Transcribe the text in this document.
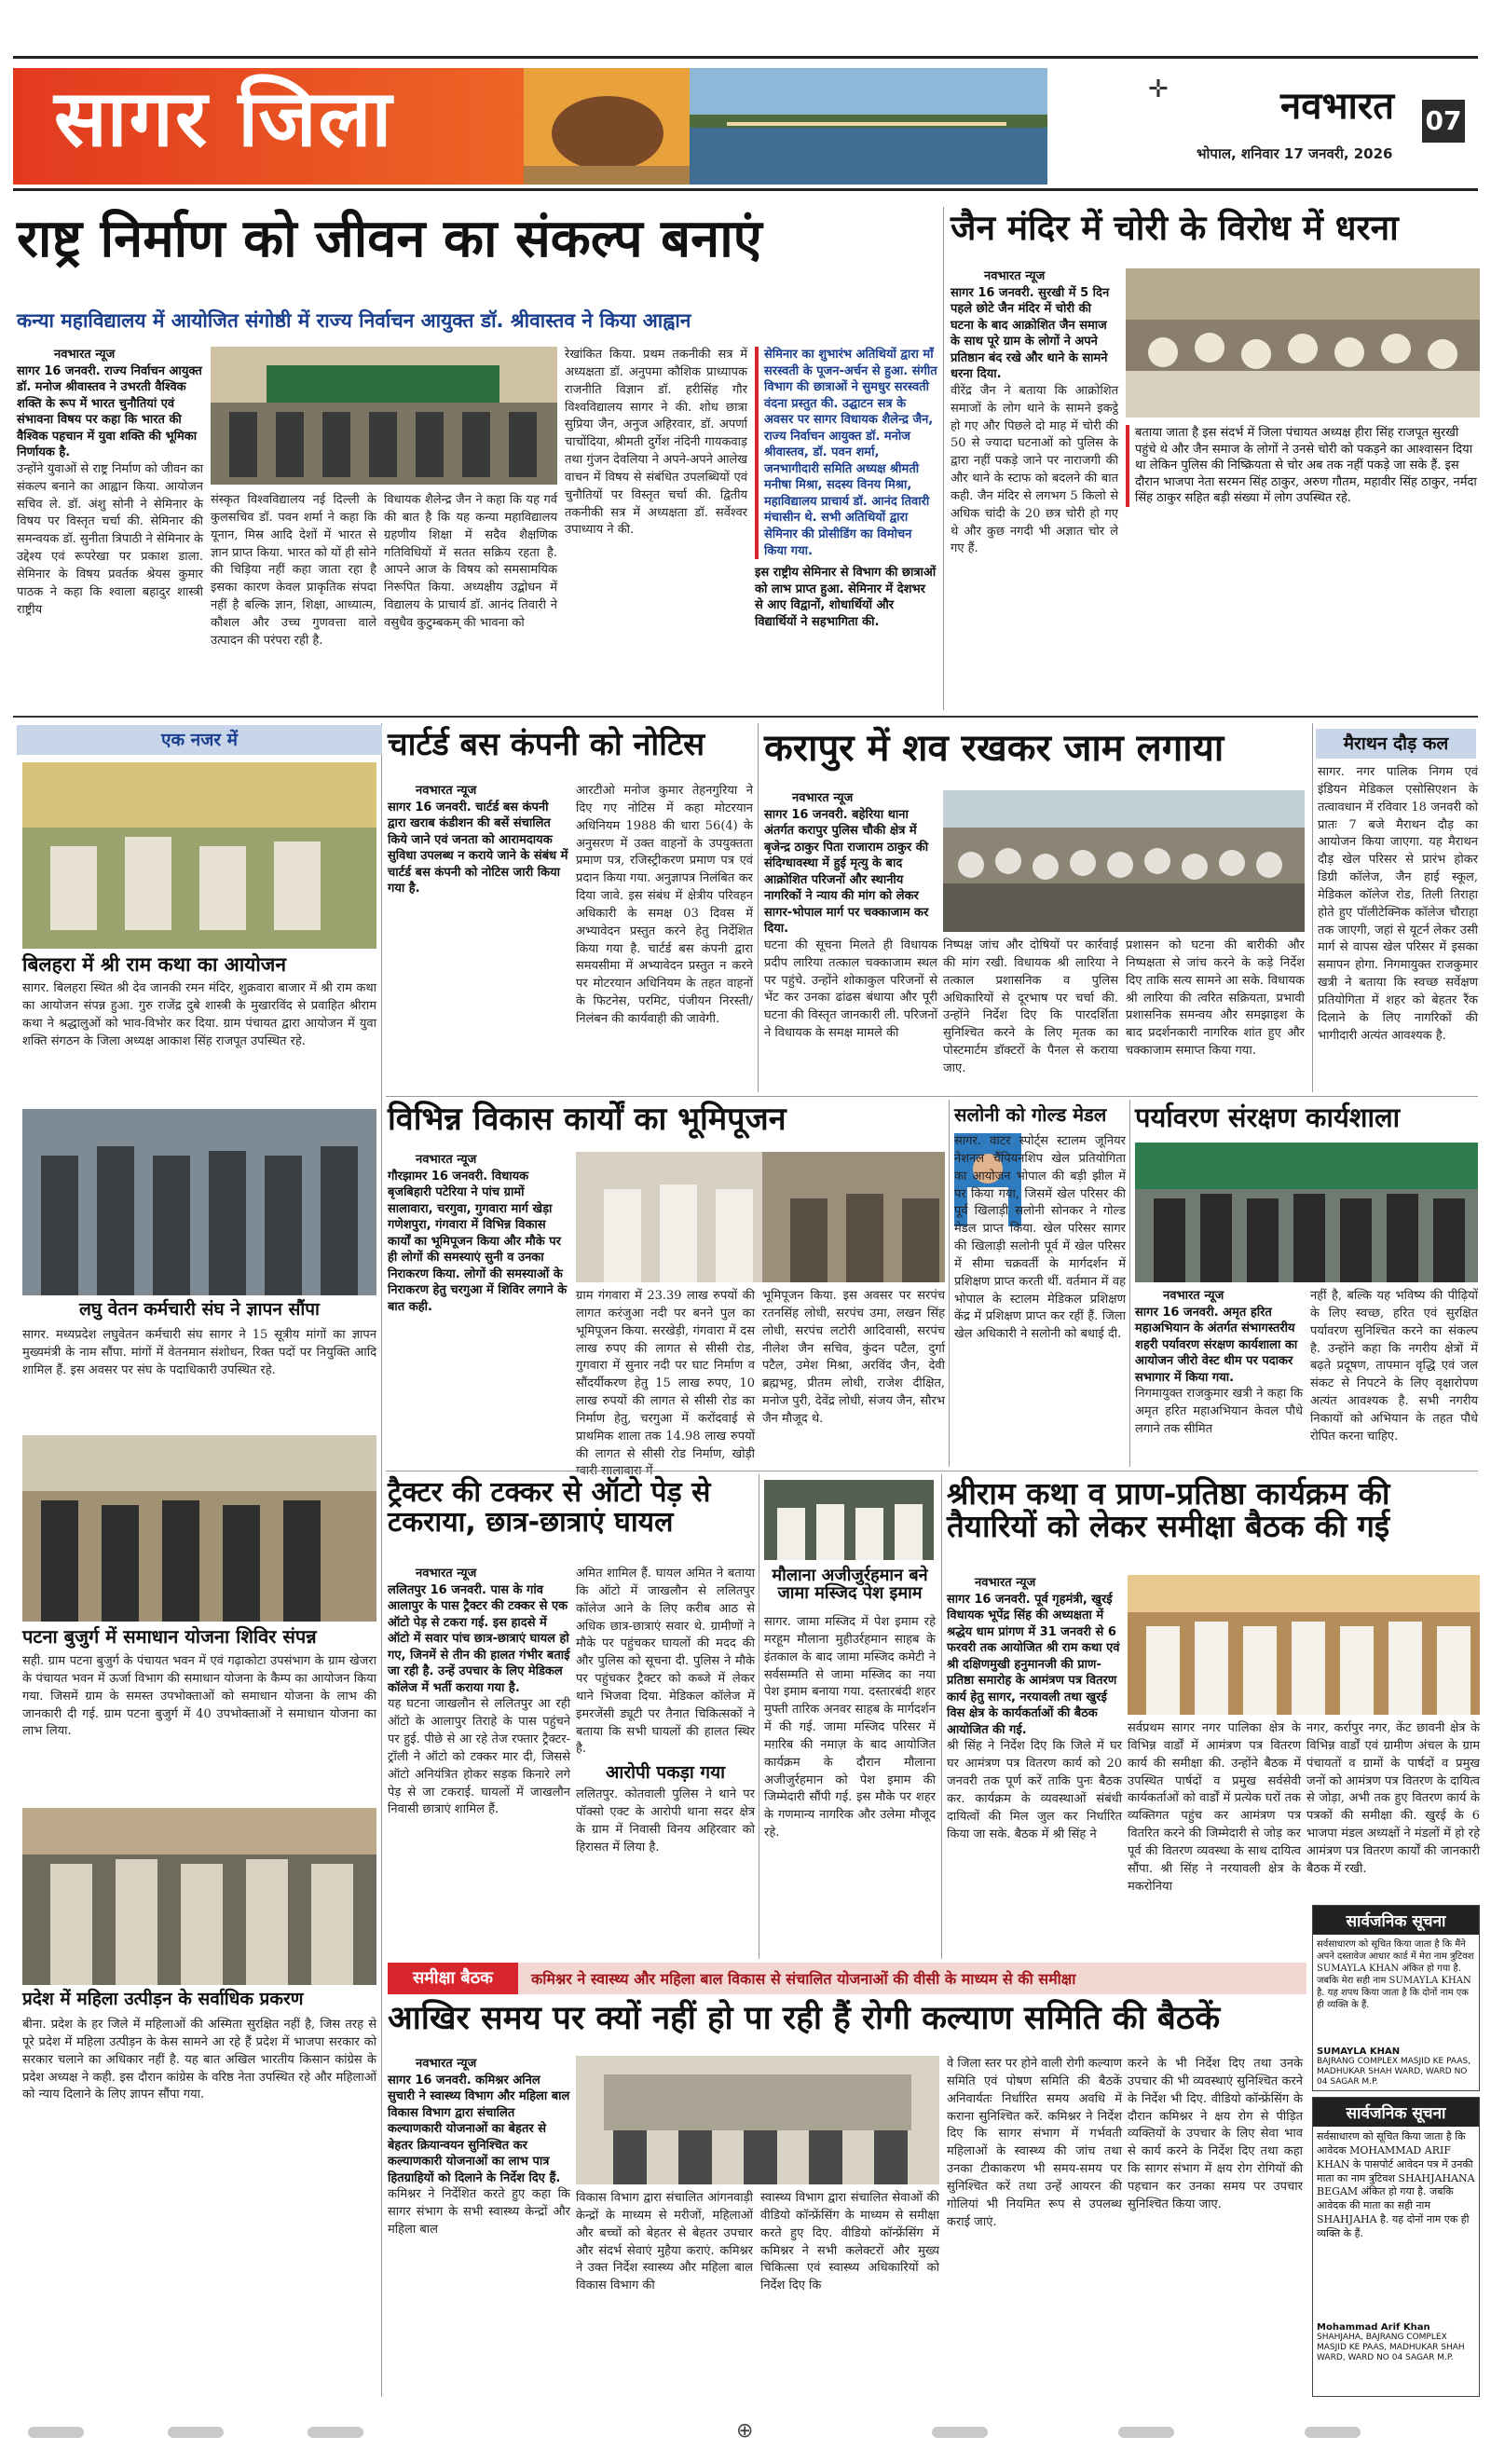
सागर जिला	✛	नवभारत 07
भोपाल, शनिवार 17 जनवरी, 2026
राष्ट्र निर्माण को जीवन का संकल्प बनाएं
कन्या महाविद्यालय में आयोजित संगोष्ठी में राज्य निर्वाचन आयुक्त डॉ. श्रीवास्तव ने किया आह्वान
नवभारत न्यूज
सागर 16 जनवरी. राज्य निर्वाचन आयुक्त डॉ. मनोज श्रीवास्तव ने उभरती वैश्विक शक्ति के रूप में भारत चुनौतियां एवं संभावना विषय पर कहा कि भारत की वैश्विक पहचान में युवा शक्ति की भूमिका निर्णायक है.
उन्होंने युवाओं से राष्ट्र निर्माण को जीवन का संकल्प बनाने का आह्वान किया. आयोजन सचिव ले. डॉ. अंशु सोनी ने सेमिनार के विषय पर विस्तृत चर्चा की. सेमिनार की समन्वयक डॉ. सुनीता त्रिपाठी ने सेमिनार के उद्देश्य एवं रूपरेखा पर प्रकाश डाला. सेमिनार के विषय प्रवर्तक श्रेयस कुमार पाठक ने कहा कि श्वाला बहादुर शास्त्री राष्ट्रीय
संस्कृत विश्वविद्यालय नई दिल्ली के कुलसचिव डॉ. पवन शर्मा ने कहा कि यूनान, मिस्र आदि देशों में भारत से ज्ञान प्राप्त किया. भारत को यों ही सोने की चिड़िया नहीं कहा जाता रहा है इसका कारण केवल प्राकृतिक संपदा नहीं है बल्कि ज्ञान, शिक्षा, आध्यात्म, कौशल और उच्च गुणवत्ता वाले उत्पादन की परंपरा रही है.
विधायक शैलेन्द्र जैन ने कहा कि यह गर्व की बात है कि यह कन्या महाविद्यालय ग्रहणीय शिक्षा में सदैव शैक्षणिक गतिविधियों में सतत सक्रिय रहता है. आपने आज के विषय को समसामयिक निरूपित किया. अध्यक्षीय उद्बोधन में विद्यालय के प्राचार्य डॉ. आनंद तिवारी ने वसुधैव कुटुम्बकम् की भावना को
रेखांकित किया. प्रथम तकनीकी सत्र में अध्यक्षता डॉ. अनुपमा कौशिक प्राध्यापक राजनीति विज्ञान डॉ. हरीसिंह गौर विश्वविद्यालय सागर ने की. शोध छात्रा सुप्रिया जैन, अनुज अहिरवार, डॉ. अपर्णा चाचोंदिया, श्रीमती दुर्गेश नंदिनी गायकवाड़ तथा गुंजन देवलिया ने अपने-अपने आलेख वाचन में विषय से संबंधित उपलब्धियों एवं चुनौतियों पर विस्तृत चर्चा की. द्वितीय तकनीकी सत्र में अध्यक्षता डॉ. सर्वेश्वर उपाध्याय ने की.
सेमिनार का शुभारंभ अतिथियों द्वारा माँ सरस्वती के पूजन-अर्चन से हुआ. संगीत विभाग की छात्राओं ने सुमधुर सरस्वती वंदना प्रस्तुत की. उद्घाटन सत्र के अवसर पर सागर विधायक शैलेन्द्र जैन, राज्य निर्वाचन आयुक्त डॉ. मनोज श्रीवास्तव, डॉ. पवन शर्मा, जनभागीदारी समिति अध्यक्ष श्रीमती मनीषा मिश्रा, सदस्य विनय मिश्रा, महाविद्यालय प्राचार्य डॉ. आनंद तिवारी मंचासीन थे. सभी अतिथियों द्वारा सेमिनार की प्रोसीडिंग का विमोचन किया गया.
इस राष्ट्रीय सेमिनार से विभाग की छात्राओं को लाभ प्राप्त हुआ. सेमिनार में देशभर से आए विद्वानों, शोधार्थियों और विद्यार्थियों ने सहभागिता की.
जैन मंदिर में चोरी के विरोध में धरना
नवभारत न्यूज
सागर 16 जनवरी. सुरखी में 5 दिन पहले छोटे जैन मंदिर में चोरी की घटना के बाद आक्रोशित जैन समाज के साथ पूरे ग्राम के लोगों ने अपने प्रतिष्ठान बंद रखे और थाने के सामने धरना दिया.
वीरेंद्र जैन ने बताया कि आक्रोशित समाजों के लोग थाने के सामने इकट्ठे हो गए और पिछले दो माह में चोरी की 50 से ज्यादा घटनाओं को पुलिस के द्वारा नहीं पकड़े जाने पर नाराजगी की और थाने के स्टाफ को बदलने की बात कही. जैन मंदिर से लगभग 5 किलो से अधिक चांदी के 20 छत्र चोरी हो गए थे और कुछ नगदी भी अज्ञात चोर ले गए हैं.
बताया जाता है इस संदर्भ में जिला पंचायत अध्यक्ष हीरा सिंह राजपूत सुरखी पहुंचे थे और जैन समाज के लोगों ने उनसे चोरी को पकड़ने का आश्वासन दिया था लेकिन पुलिस की निष्क्रियता से चोर अब तक नहीं पकड़े जा सके हैं. इस दौरान भाजपा नेता सरमन सिंह ठाकुर, अरुण गौतम, महावीर सिंह ठाकुर, नर्मदा सिंह ठाकुर सहित बड़ी संख्या में लोग उपस्थित रहे.
एक नजर में
बिलहरा में श्री राम कथा का आयोजन
सागर. बिलहरा स्थित श्री देव जानकी रमन मंदिर, शुक्रवारा बाजार में श्री राम कथा का आयोजन संपन्न हुआ. गुरु राजेंद्र दुबे शास्त्री के मुखारविंद से प्रवाहित श्रीराम कथा ने श्रद्धालुओं को भाव-विभोर कर दिया. ग्राम पंचायत द्वारा आयोजन में युवा शक्ति संगठन के जिला अध्यक्ष आकाश सिंह राजपूत उपस्थित रहे.
लघु वेतन कर्मचारी संघ ने ज्ञापन सौंपा
सागर. मध्यप्रदेश लघुवेतन कर्मचारी संघ सागर ने 15 सूत्रीय मांगों का ज्ञापन मुख्यमंत्री के नाम सौंपा. मांगों में वेतनमान संशोधन, रिक्त पदों पर नियुक्ति आदि शामिल हैं. इस अवसर पर संघ के पदाधिकारी उपस्थित रहे.
पटना बुजुर्ग में समाधान योजना शिविर संपन्न
सही. ग्राम पटना बुजुर्ग के पंचायत भवन में एवं गढ़ाकोटा उपसंभाग के ग्राम खेजरा के पंचायत भवन में ऊर्जा विभाग की समाधान योजना के कैम्प का आयोजन किया गया. जिसमें ग्राम के समस्त उपभोक्ताओं को समाधान योजना के लाभ की जानकारी दी गई. ग्राम पटना बुजुर्ग में 40 उपभोक्ताओं ने समाधान योजना का लाभ लिया.
प्रदेश में महिला उत्पीड़न के सर्वाधिक प्रकरण
बीना. प्रदेश के हर जिले में महिलाओं की अस्मिता सुरक्षित नहीं है, जिस तरह से पूरे प्रदेश में महिला उत्पीड़न के केस सामने आ रहे हैं प्रदेश में भाजपा सरकार को सरकार चलाने का अधिकार नहीं है. यह बात अखिल भारतीय किसान कांग्रेस के प्रदेश अध्यक्ष ने कही. इस दौरान कांग्रेस के वरिष्ठ नेता उपस्थित रहे और महिलाओं को न्याय दिलाने के लिए ज्ञापन सौंपा गया.
चार्टर्ड बस कंपनी को नोटिस
नवभारत न्यूज
सागर 16 जनवरी. चार्टर्ड बस कंपनी द्वारा खराब कंडीशन की बसें संचालित किये जाने एवं जनता को आरामदायक सुविधा उपलब्ध न कराये जाने के संबंध में चार्टर्ड बस कंपनी को नोटिस जारी किया गया है.
आरटीओ मनोज कुमार तेहनगुरिया ने दिए गए नोटिस में कहा मोटरयान अधिनियम 1988 की धारा 56(4) के अनुसरण में उक्त वाहनों के उपयुक्तता प्रमाण पत्र, रजिस्ट्रीकरण प्रमाण पत्र एवं प्रदान किया गया. अनुज्ञापत्र निलंबित कर दिया जावे. इस संबंध में क्षेत्रीय परिवहन अधिकारी के समक्ष 03 दिवस में अभ्यावेदन प्रस्तुत करने हेतु निर्देशित किया गया है. चार्टर्ड बस कंपनी द्वारा समयसीमा में अभ्यावेदन प्रस्तुत न करने पर मोटरयान अधिनियम के तहत वाहनों के फिटनेस, परमिट, पंजीयन निरस्ती/निलंबन की कार्यवाही की जावेगी.
करापुर में शव रखकर जाम लगाया
नवभारत न्यूज
सागर 16 जनवरी. बहेरिया थाना अंतर्गत करापुर पुलिस चौकी क्षेत्र में बृजेन्द्र ठाकुर पिता राजाराम ठाकुर की संदिग्धावस्था में हुई मृत्यु के बाद आक्रोशित परिजनों और स्थानीय नागरिकों ने न्याय की मांग को लेकर सागर-भोपाल मार्ग पर चक्काजाम कर दिया.
घटना की सूचना मिलते ही विधायक प्रदीप लारिया तत्काल चक्काजाम स्थल पर पहुंचे. उन्होंने शोकाकुल परिजनों से भेंट कर उनका ढांढस बंधाया और पूरी घटना की विस्तृत जानकारी ली. परिजनों ने विधायक के समक्ष मामले की
निष्पक्ष जांच और दोषियों पर कार्रवाई की मांग रखी. विधायक श्री लारिया ने तत्काल प्रशासनिक व पुलिस अधिकारियों से दूरभाष पर चर्चा की. उन्होंने निर्देश दिए कि पारदर्शिता सुनिश्चित करने के लिए मृतक का पोस्टमार्टम डॉक्टरों के पैनल से कराया जाए.
प्रशासन को घटना की बारीकी और निष्पक्षता से जांच करने के कड़े निर्देश दिए ताकि सत्य सामने आ सके. विधायक श्री लारिया की त्वरित सक्रियता, प्रभावी प्रशासनिक समन्वय और समझाइश के बाद प्रदर्शनकारी नागरिक शांत हुए और चक्काजाम समाप्त किया गया.
मैराथन दौड़ कल
सागर. नगर पालिक निगम एवं इंडियन मेडिकल एसोसिएशन के तत्वावधान में रविवार 18 जनवरी को प्रातः 7 बजे मैराथन दौड़ का आयोजन किया जाएगा. यह मैराथन दौड़ खेल परिसर से प्रारंभ होकर डिग्री कॉलेज, जैन हाई स्कूल, मेडिकल कॉलेज रोड, तिली तिराहा होते हुए पॉलीटेक्निक कॉलेज चौराहा तक जाएगी, जहां से यूटर्न लेकर उसी मार्ग से वापस खेल परिसर में इसका समापन होगा. निगमायुक्त राजकुमार खत्री ने बताया कि स्वच्छ सर्वेक्षण प्रतियोगिता में शहर को बेहतर रैंक दिलाने के लिए नागरिकों की भागीदारी अत्यंत आवश्यक है.
विभिन्न विकास कार्यों का भूमिपूजन
नवभारत न्यूज
गौरझामर 16 जनवरी. विधायक बृजबिहारी पटेरिया ने पांच ग्रामों सालावारा, चरगुवा, गुगवारा मार्ग खेड़ा गणेशपुरा, गंगवारा में विभिन्न विकास कार्यों का भूमिपूजन किया और मौके पर ही लोगों की समस्याएं सुनी व उनका निराकरण किया. लोगों की समस्याओं के निराकरण हेतु चरगुआ में शिविर लगाने के बात कही.
ग्राम गंगवारा में 23.39 लाख रुपयों की लागत करंजुआ नदी पर बनने पुल का भूमिपूजन किया. सरखेड़ी, गंगवारा में दस लाख रुपए की लागत से सीसी रोड, गुगवारा में सुनार नदी पर घाट निर्माण व सौंदर्यीकरण हेतु 15 लाख रुपए, 10 लाख रुपयों की लागत से सीसी रोड का निर्माण हेतु, चरगुआ में करोंदवाई से प्राथमिक शाला तक 14.98 लाख रुपयों की लागत से सीसी रोड निर्माण, खोड़ी
भूमिपूजन किया. इस अवसर पर सरपंच रतनसिंह लोधी, सरपंच उमा, लखन सिंह लोधी, सरपंच लटोरी आदिवासी, सरपंच नीलेश जैन सचिव, कुंदन पटैल, दुर्गा पटैल, उमेश मिश्रा, अरविंद जैन, देवी ब्रह्मभट्ट, प्रीतम लोधी, राजेश दीक्षित, मनोज पुरी, देवेंद्र लोधी, संजय जैन, सौरभ जैन मौजूद थे.
सलोनी को गोल्ड मेडल
सागर. वाटर स्पोर्ट्स स्टालम जूनियर नेशनल चैंपियनशिप खेल प्रतियोगिता का आयोजन भोपाल की बड़ी झील में पर किया गया, जिसमें खेल परिसर की पूर्व खिलाड़ी सलोनी सोनकर ने गोल्ड मेडल प्राप्त किया. खेल परिसर सागर की खिलाड़ी सलोनी पूर्व में खेल परिसर में सीमा चक्रवर्ती के मार्गदर्शन में प्रशिक्षण प्राप्त करती थीं. वर्तमान में वह भोपाल के स्टालम मेडिकल प्रशिक्षण केंद्र में प्रशिक्षण प्राप्त कर रहीं हैं. जिला खेल अधिकारी ने सलोनी को बधाई दी.
पर्यावरण संरक्षण कार्यशाला
नवभारत न्यूज
सागर 16 जनवरी. अमृत हरित महाअभियान के अंतर्गत संभागस्तरीय शहरी पर्यावरण संरक्षण कार्यशाला का आयोजन जीरो वेस्ट थीम पर पदाकर सभागार में किया गया.
निगमायुक्त राजकुमार खत्री ने कहा कि अमृत हरित महाअभियान केवल पौधे लगाने तक सीमित
नहीं है, बल्कि यह भविष्य की पीढ़ियों के लिए स्वच्छ, हरित एवं सुरक्षित पर्यावरण सुनिश्चित करने का संकल्प है. उन्होंने कहा कि नगरीय क्षेत्रों में बढ़ते प्रदूषण, तापमान वृद्धि एवं जल संकट से निपटने के लिए वृक्षारोपण अत्यंत आवश्यक है. सभी नगरीय निकायों को अभियान के तहत पौधे रोपित करना चाहिए.
ट्रैक्टर की टक्कर से ऑटो पेड़ से टकराया, छात्र-छात्राएं घायल
नवभारत न्यूज
ललितपुर 16 जनवरी. पास के गांव आलापुर के पास ट्रैक्टर की टक्कर से एक ऑटो पेड़ से टकरा गई. इस हादसे में ऑटो में सवार पांच छात्र-छात्राएं घायल हो गए, जिनमें से तीन की हालत गंभीर बताई जा रही है. उन्हें उपचार के लिए मेडिकल कॉलेज में भर्ती कराया गया है.
यह घटना जाखलौन से ललितपुर आ रही ऑटो के आलापुर तिराहे के पास पहुंचने पर हुई. पीछे से आ रहे तेज रफ्तार ट्रैक्टर-ट्रॉली ने ऑटो को टक्कर मार दी, जिससे ऑटो अनियंत्रित होकर सड़क किनारे लगे पेड़ से जा टकराई. घायलों में जाखलौन निवासी छात्राएं शामिल हैं.
अमित शामिल हैं. घायल अमित ने बताया कि ऑटो में जाखलौन से ललितपुर कॉलेज आने के लिए करीब आठ से अधिक छात्र-छात्राएं सवार थे. ग्रामीणों ने मौके पर पहुंचकर घायलों की मदद की और पुलिस को सूचना दी. पुलिस ने मौके पर पहुंचकर ट्रैक्टर को कब्जे में लेकर थाने भिजवा दिया. मेडिकल कॉलेज में इमरजेंसी ड्यूटी पर तैनात चिकित्सकों ने बताया कि सभी घायलों की हालत स्थिर है.
आरोपी पकड़ा गया
ललितपुर. कोतवाली पुलिस ने थाने पर पॉक्सो एक्ट के आरोपी थाना सदर क्षेत्र के ग्राम में निवासी विनय अहिरवार को हिरासत में लिया है.
मौलाना अजीजुर्रहमान बने जामा मस्जिद पेश इमाम
सागर. जामा मस्जिद में पेश इमाम रहे मरहूम मौलाना मुहीउर्रहमान साहब के इंतकाल के बाद जामा मस्जिद कमेटी ने सर्वसम्मति से जामा मस्जिद का नया पेश इमाम बनाया गया. दस्तारबंदी शहर मुफ्ती तारिक अनवर साहब के मार्गदर्शन में की गई. जामा मस्जिद परिसर में मग़रिब की नमाज़ के बाद आयोजित कार्यक्रम के दौरान मौलाना अजीजुर्रहमान को पेश इमाम की जिम्मेदारी सौंपी गई. इस मौके पर शहर के गणमान्य नागरिक और उलेमा मौजूद रहे.
श्रीराम कथा व प्राण-प्रतिष्ठा कार्यक्रम की तैयारियों को लेकर समीक्षा बैठक की गई
नवभारत न्यूज
सागर 16 जनवरी. पूर्व गृहमंत्री, खुरई विधायक भूपेंद्र सिंह की अध्यक्षता में श्रद्धेय धाम प्रांगण में 31 जनवरी से 6 फरवरी तक आयोजित श्री राम कथा एवं श्री दक्षिणमुखी हनुमानजी की प्राण-प्रतिष्ठा समारोह के आमंत्रण पत्र वितरण कार्य हेतु सागर, नरयावली तथा खुरई विस क्षेत्र के कार्यकर्ताओं की बैठक आयोजित की गई.
श्री सिंह ने निर्देश दिए कि जिले में घर घर आमंत्रण पत्र वितरण कार्य को 20 जनवरी तक पूर्ण करें ताकि पुनः बैठक कर. कार्यक्रम के व्यवस्थाओं संबंधी दायित्वों की मिल जुल कर निर्धारित किया जा सके. बैठक में श्री सिंह ने
सर्वप्रथम सागर नगर पालिका क्षेत्र के विभिन्न वार्डों में आमंत्रण पत्र वितरण कार्य की समीक्षा की. उन्होंने बैठक में उपस्थित पार्षदों व प्रमुख सर्वसेवी कार्यकर्ताओं को वार्डों में प्रत्येक घरों तक व्यक्तिगत पहुंच कर आमंत्रण पत्र वितरित करने की जिम्मेदारी से जोड़ कर पूर्व की वितरण व्यवस्था के साथ दायित्व सौंपा. श्री सिंह ने नरयावली क्षेत्र के मकरोनिया
नगर, कर्रापुर नगर, केंट छावनी क्षेत्र के विभिन्न वार्डों एवं ग्रामीण अंचल के ग्राम पंचायतों व ग्रामों के पार्षदों व प्रमुख जनों को आमंत्रण पत्र वितरण के दायित्व से जोड़ा, अभी तक हुए वितरण कार्य के पत्रकों की समीक्षा की. खुरई के 6 भाजपा मंडल अध्यक्षों ने मंडलों में हो रहे आमंत्रण पत्र वितरण कार्यों की जानकारी बैठक में रखी.
समीक्षा बैठक	कमिश्नर ने स्वास्थ्य और महिला बाल विकास से संचालित योजनाओं की वीसी के माध्यम से की समीक्षा
आखिर समय पर क्यों नहीं हो पा रही हैं रोगी कल्याण समिति की बैठकें
नवभारत न्यूज
सागर 16 जनवरी. कमिश्नर अनिल सुचारी ने स्वास्थ्य विभाग और महिला बाल विकास विभाग द्वारा संचालित कल्याणकारी योजनाओं का बेहतर से बेहतर क्रियान्वयन सुनिश्चित कर कल्याणकारी योजनाओं का लाभ पात्र हितग्राहियों को दिलाने के निर्देश दिए हैं.
कमिश्नर ने निर्देशित करते हुए कहा कि सागर संभाग के सभी स्वास्थ्य केन्द्रों और महिला बाल
विकास विभाग द्वारा संचालित आंगनवाड़ी केन्द्रों के माध्यम से मरीजों, महिलाओं और बच्चों को बेहतर से बेहतर उपचार और संदर्भ सेवाएं मुहैया कराएं. कमिश्नर ने उक्त निर्देश स्वास्थ्य और महिला बाल विकास विभाग की
स्वास्थ्य विभाग द्वारा संचालित सेवाओं की वीडियो कॉन्फ्रेंसिंग के माध्यम से समीक्षा करते हुए दिए. वीडियो कॉन्फ्रेंसिंग में कमिश्नर ने सभी कलेक्टरों और मुख्य चिकित्सा एवं स्वास्थ्य अधिकारियों को निर्देश दिए कि
वे जिला स्तर पर होने वाली रोगी कल्याण समिति एवं पोषण समिति की बैठकें अनिवार्यतः निर्धारित समय अवधि में कराना सुनिश्चित करें. कमिश्नर ने निर्देश दिए कि सागर संभाग में गर्भवती महिलाओं के स्वास्थ्य की जांच तथा उनका टीकाकरण भी समय-समय पर सुनिश्चित करें तथा उन्हें आयरन की गोलियां भी नियमित रूप से उपलब्ध कराई जाएं.
करने के भी निर्देश दिए तथा उनके उपचार की भी व्यवस्थाएं सुनिश्चित करने के निर्देश भी दिए. वीडियो कॉन्फ्रेंसिंग के दौरान कमिश्नर ने क्षय रोग से पीड़ित व्यक्तियों के उपचार के लिए सेवा भाव से कार्य करने के निर्देश दिए तथा कहा कि सागर संभाग में क्षय रोग रोगियों की पहचान कर उनका समय पर उपचार सुनिश्चित किया जाए.
सार्वजनिक सूचना
सर्वसाधारण को सूचित किया जाता है कि मैंने अपने दस्तावेज आधार कार्ड में मेरा नाम त्रुटिवश SUMAYLA KHAN अंकित हो गया है. जबकि मेरा सही नाम SUMAYLA KHAN है. यह शपथ किया जाता है कि दोनों नाम एक ही व्यक्ति के हैं.
SUMAYLA KHAN
BAJRANG COMPLEX MASJID KE PAAS, MADHUKAR SHAH WARD, WARD NO 04 SAGAR M.P.
सार्वजनिक सूचना
सर्वसाधारण को सूचित किया जाता है कि आवेदक MOHAMMAD ARIF KHAN के पासपोर्ट आवेदन पत्र में उनकी माता का नाम त्रुटिवश SHAHJAHANA BEGAM अंकित हो गया है. जबकि आवेदक की माता का सही नाम SHAHJAHA है. यह दोनों नाम एक ही व्यक्ति के हैं.
Mohammad Arif Khan
SHAHJAHA, BAJRANG COMPLEX MASJID KE PAAS, MADHUKAR SHAH WARD, WARD NO 04 SAGAR M.P.
⊕
